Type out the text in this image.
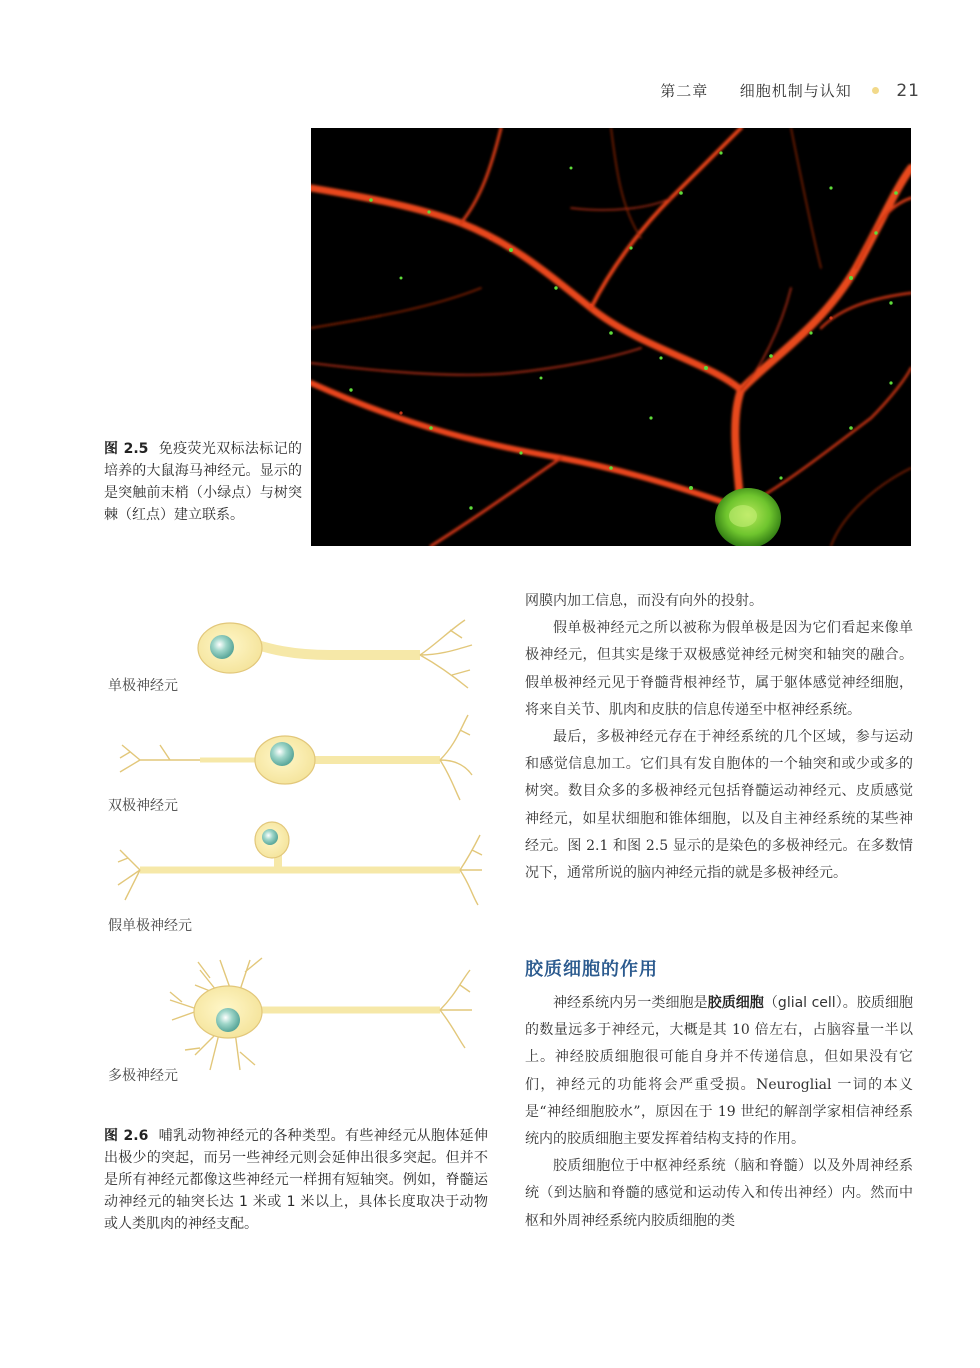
第二章 细胞机制与认知	21
图 2.5 免疫荧光双标法标记的培养的大鼠海马神经元。显示的是突触前末梢（小绿点）与树突棘（红点）建立联系。
单极神经元
双极神经元
假单极神经元
多极神经元
图 2.6 哺乳动物神经元的各种类型。有些神经元从胞体延伸出极少的突起，而另一些神经元则会延伸出很多突起。但并不是所有神经元都像这些神经元一样拥有短轴突。例如，脊髓运动神经元的轴突长达 1 米或 1 米以上，具体长度取决于动物或人类肌肉的神经支配。

网膜内加工信息，而没有向外的投射。

假单极神经元之所以被称为假单极是因为它们看起来像单极神经元，但其实是缘于双极感觉神经元树突和轴突的融合。假单极神经元见于脊髓背根神经节，属于躯体感觉神经细胞，将来自关节、肌肉和皮肤的信息传递至中枢神经系统。

最后，多极神经元存在于神经系统的几个区域，参与运动和感觉信息加工。它们具有发自胞体的一个轴突和或少或多的树突。数目众多的多极神经元包括脊髓运动神经元、皮质感觉神经元，如星状细胞和锥体细胞，以及自主神经系统的某些神经元。图 2.1 和图 2.5 显示的是染色的多极神经元。在多数情况下，通常所说的脑内神经元指的就是多极神经元。

胶质细胞的作用

神经系统内另一类细胞是胶质细胞（glial cell）。胶质细胞的数量远多于神经元，大概是其 10 倍左右，占脑容量一半以上。神经胶质细胞很可能自身并不传递信息，但如果没有它们，神经元的功能将会严重受损。Neuroglial 一词的本义是“神经细胞胶水”，原因在于 19 世纪的解剖学家相信神经系统内的胶质细胞主要发挥着结构支持的作用。

胶质细胞位于中枢神经系统（脑和脊髓）以及外周神经系统（到达脑和脊髓的感觉和运动传入和传出神经）内。然而中枢和外周神经系统内胶质细胞的类
